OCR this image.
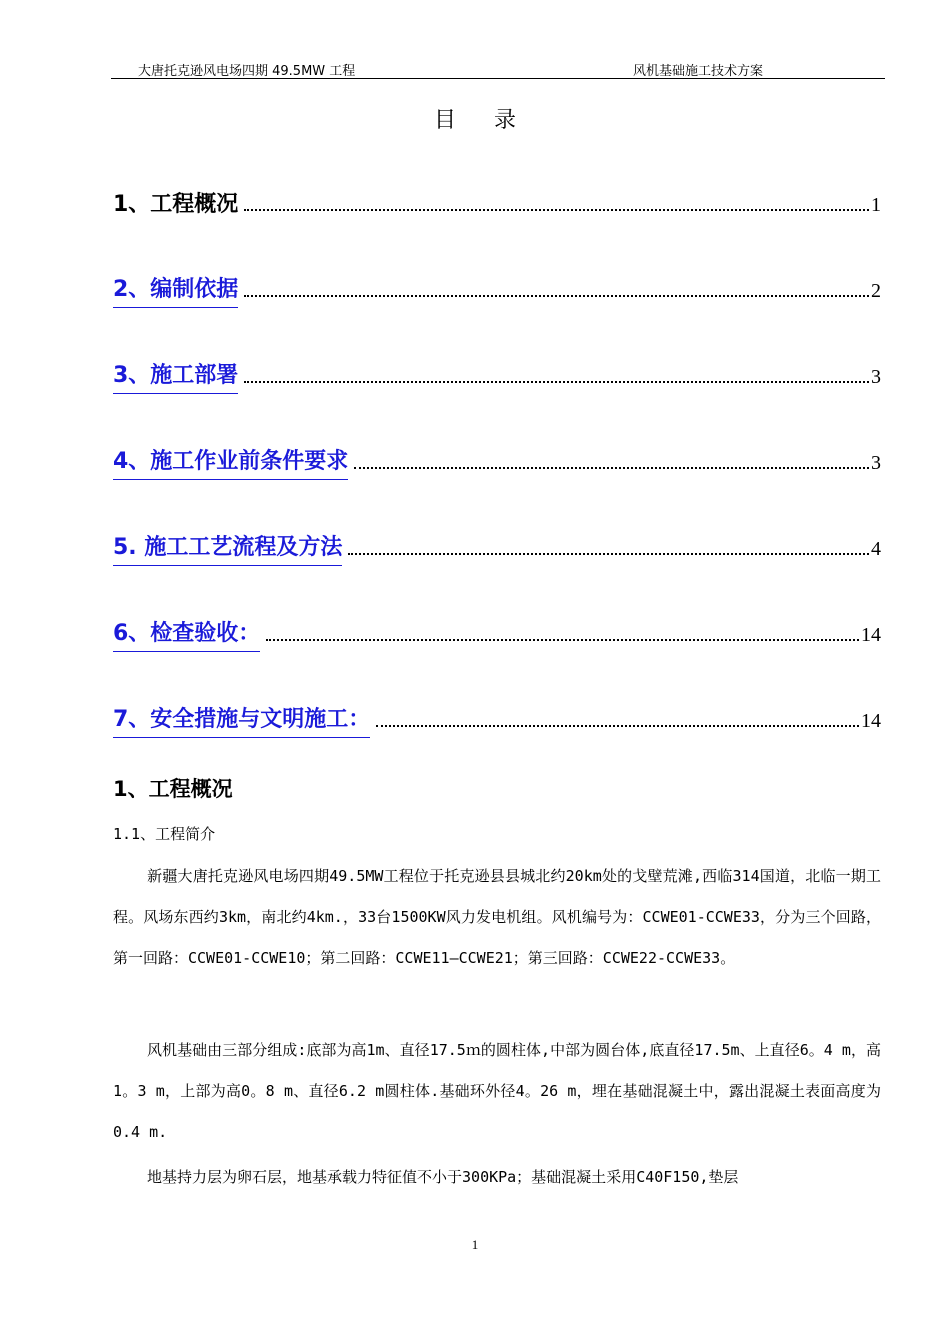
大唐托克逊风电场四期 49.5MW 工程	风机基础施工技术方案
目录
1、工程概况	1
2、编制依据	2
3、施工部署	3
4、施工作业前条件要求	3
5. 施工工艺流程及方法	4
6、检查验收：	14
7、安全措施与文明施工：	14
1、工程概况
1.1、工程简介
新疆大唐托克逊风电场四期49.5MW工程位于托克逊县县城北约20km处的戈壁荒滩,西临314国道，北临一期工程。风场东西约3km，南北约4km.，33台1500KW风力发电机组。风机编号为：CCWE01-CCWE33，分为三个回路，第一回路：CCWE01-CCWE10；第二回路：CCWE11—CCWE21；第三回路：CCWE22-CCWE33。
风机基础由三部分组成:底部为高1m、直径17.5ｍ的圆柱体,中部为圆台体,底直径17.5m、上直径6。4 m，高1。3 m，上部为高0。8 m、直径6.2 m圆柱体.基础环外径4。26 m，埋在基础混凝土中，露出混凝土表面高度为0.4 m.
地基持力层为卵石层，地基承载力特征值不小于300KPa；基础混凝土采用C40F150,垫层
1
